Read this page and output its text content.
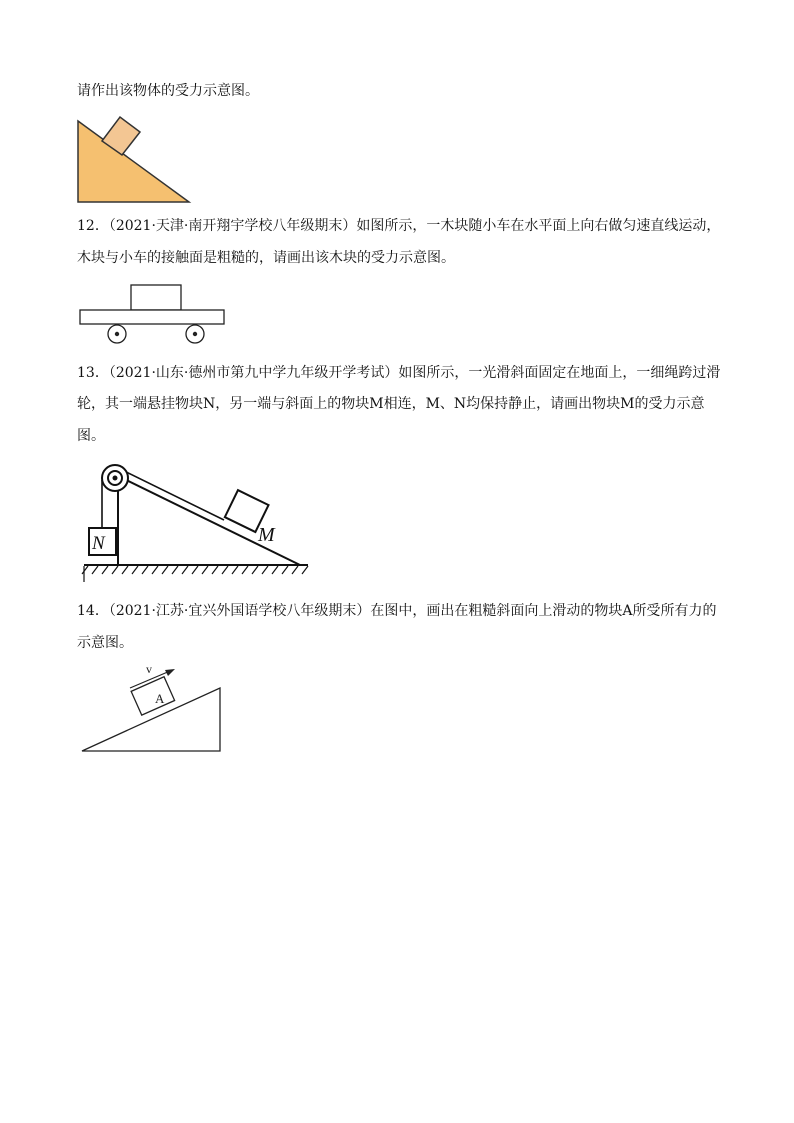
请作出该物体的受力示意图。
12．（2021·天津·南开翔宇学校八年级期末）如图所示，一木块随小车在水平面上向右做匀速直线运动，
木块与小车的接触面是粗糙的，请画出该木块的受力示意图。
13．（2021·山东·德州市第九中学九年级开学考试）如图所示，一光滑斜面固定在地面上，一细绳跨过滑
轮，其一端悬挂物块N，另一端与斜面上的物块M相连，M、N均保持静止，请画出物块M的受力示意
图。
M
N
14．（2021·江苏·宜兴外国语学校八年级期末）在图中，画出在粗糙斜面向上滑动的物块A所受所有力的
示意图。
A
v
